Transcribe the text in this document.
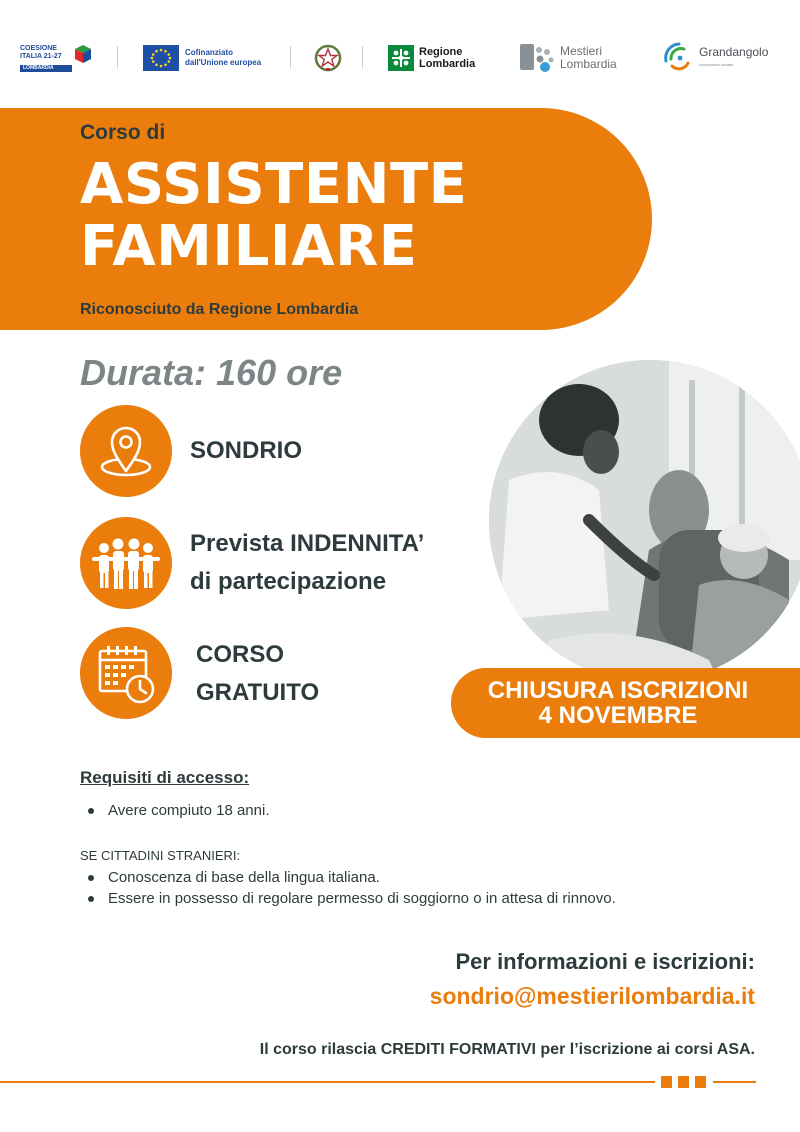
COESIONE
ITALIA 21-27
LOMBARDIA
Cofinanziato
dall'Unione europea
Regione
Lombardia
Mestieri
Lombardia
Grandangolo
cooperativa sociale
Corso di
ASSISTENTE
FAMILIARE
Riconosciuto da Regione Lombardia
Durata: 160 ore
SONDRIO
Prevista INDENNITA’
di partecipazione
CORSO
GRATUITO	CHIUSURA ISCRIZIONI
4 NOVEMBRE
Requisiti di accesso:
Avere compiuto 18 anni.
SE CITTADINI STRANIERI:
Conoscenza di base della lingua italiana.
Essere in possesso di regolare permesso di soggiorno o in attesa di rinnovo.
Per informazioni e iscrizioni:
sondrio@mestierilombardia.it
Il corso rilascia CREDITI FORMATIVI per l’iscrizione ai corsi ASA.
